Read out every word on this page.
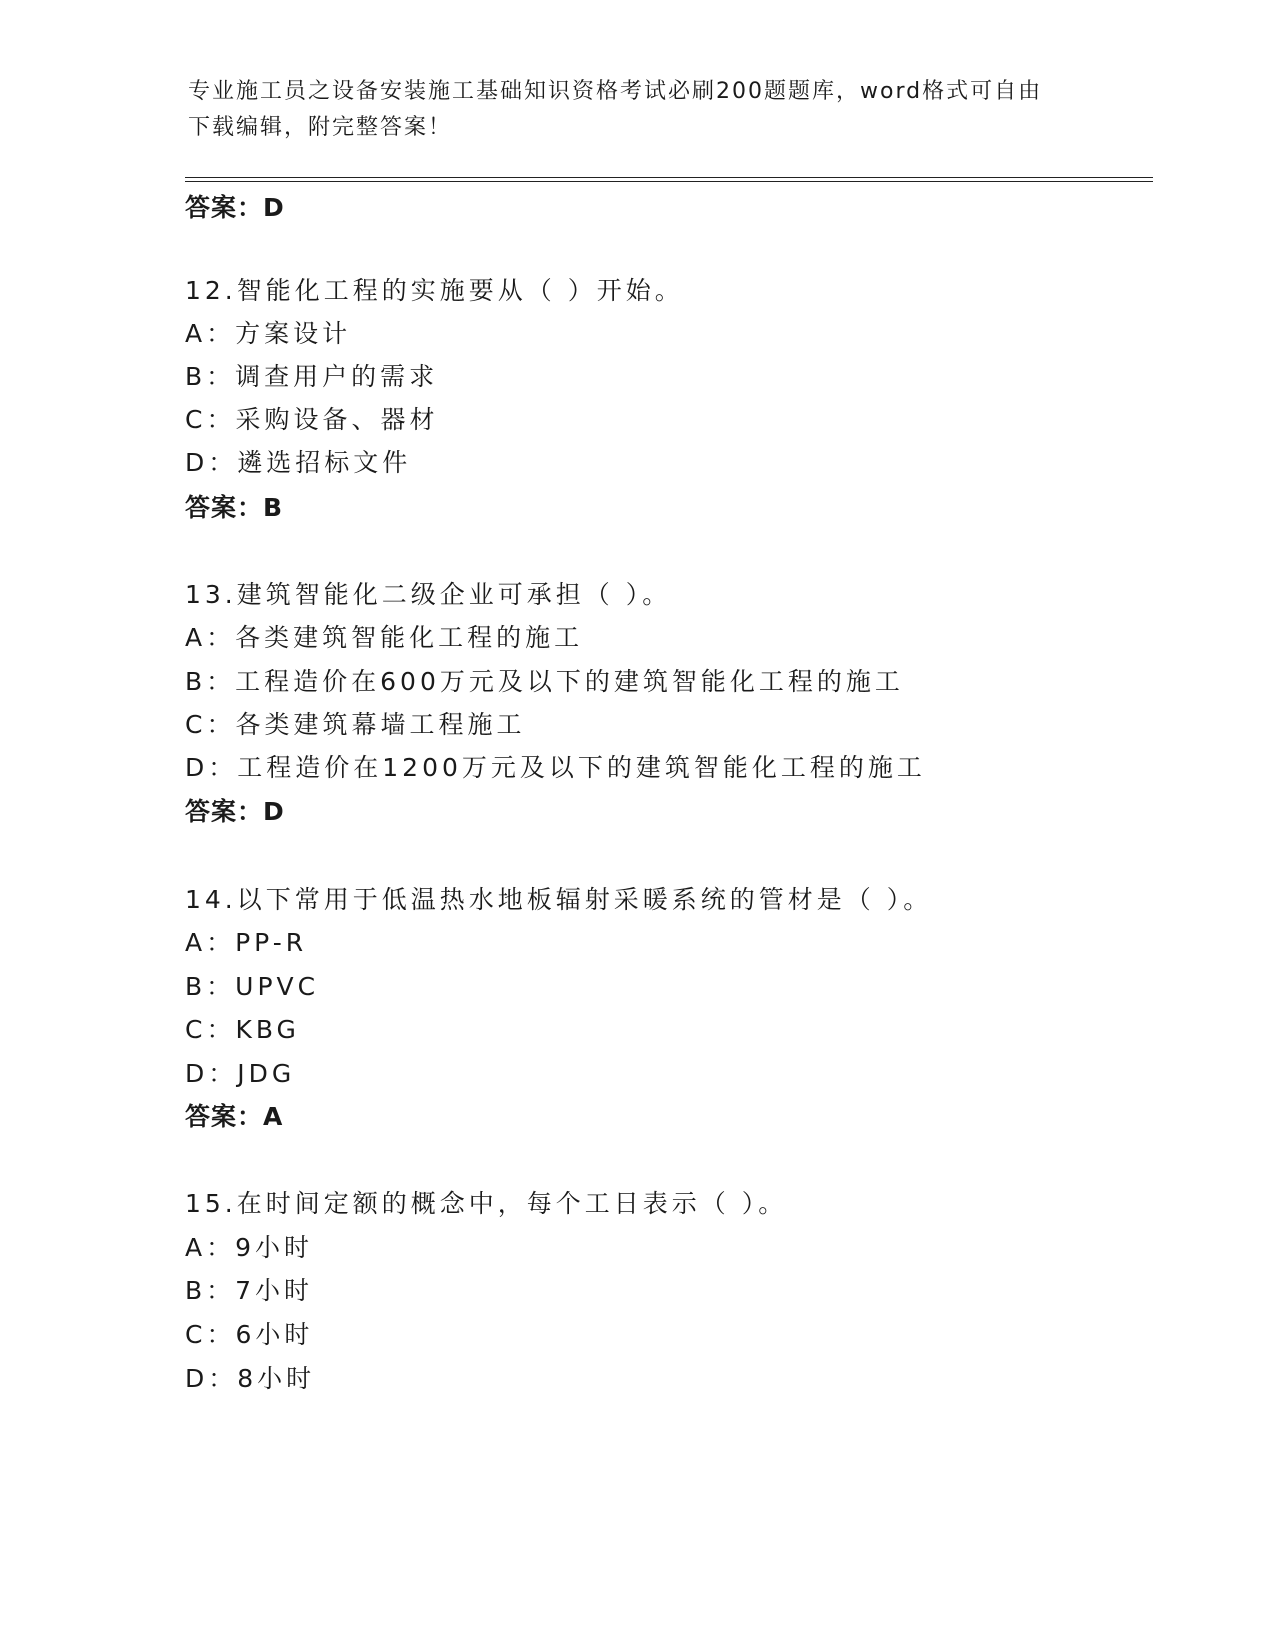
专业施工员之设备安装施工基础知识资格考试必刷200题题库，word格式可自由
下载编辑，附完整答案！
答案：D
12.智能化工程的实施要从（ ）开始。
A：方案设计
B：调查用户的需求
C：采购设备、器材
D：遴选招标文件
答案：B
13.建筑智能化二级企业可承担（ ）。
A：各类建筑智能化工程的施工
B：工程造价在600万元及以下的建筑智能化工程的施工
C：各类建筑幕墙工程施工
D：工程造价在1200万元及以下的建筑智能化工程的施工
答案：D
14.以下常用于低温热水地板辐射采暖系统的管材是（ ）。
A：PP-R
B：UPVC
C：KBG
D：JDG
答案：A
15.在时间定额的概念中，每个工日表示（ ）。
A：9小时
B：7小时
C：6小时
D：8小时
